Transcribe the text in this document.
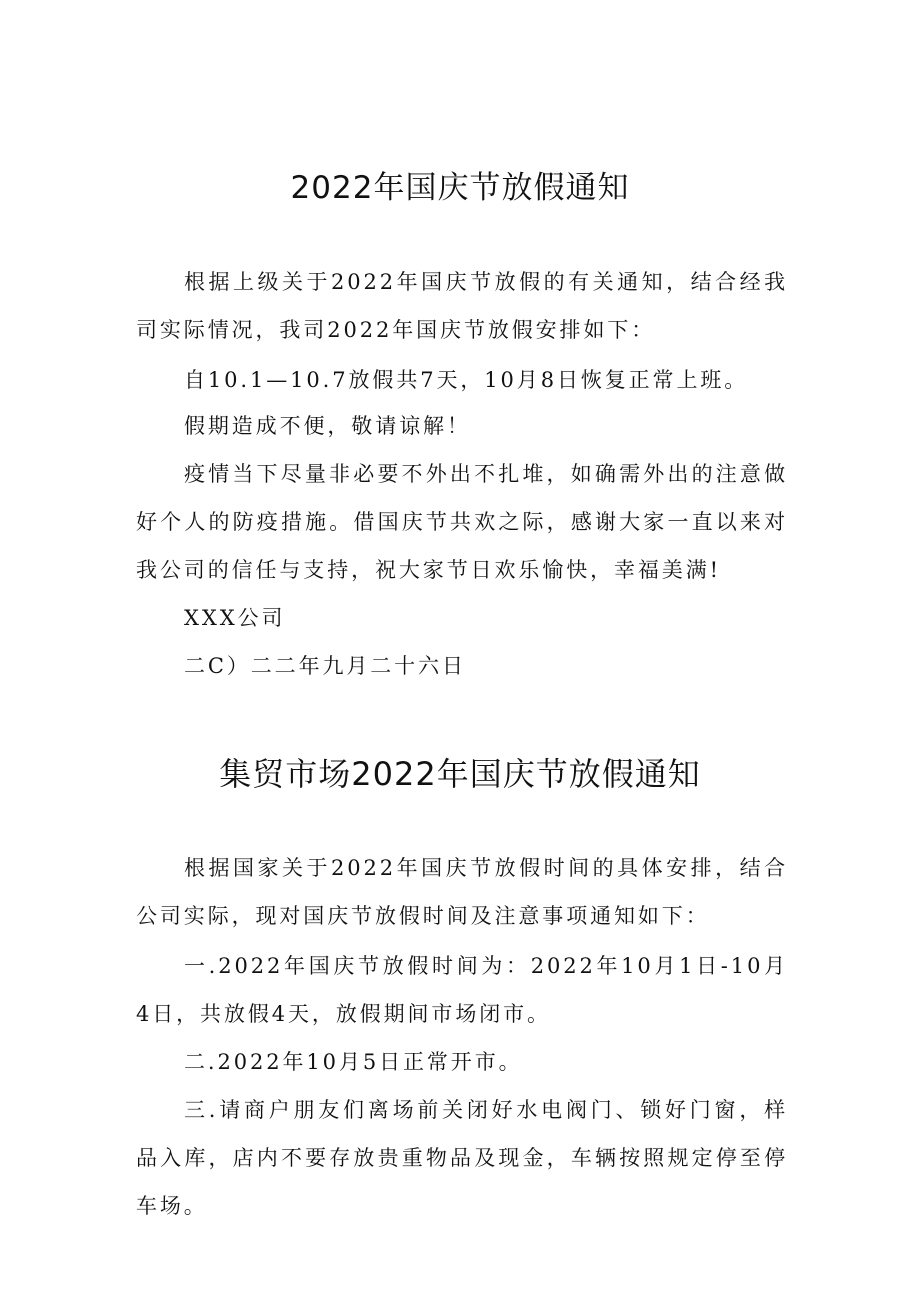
2022年国庆节放假通知

根据上级关于2022年国庆节放假的有关通知，结合经我司实际情况，我司2022年国庆节放假安排如下：

自10.1—10.7放假共7天，10月8日恢复正常上班。

假期造成不便，敬请谅解！

疫情当下尽量非必要不外出不扎堆，如确需外出的注意做好个人的防疫措施。借国庆节共欢之际，感谢大家一直以来对我公司的信任与支持，祝大家节日欢乐愉快，幸福美满!

XXX公司

二C）二二年九月二十六日

集贸市场2022年国庆节放假通知

根据国家关于2022年国庆节放假时间的具体安排，结合公司实际，现对国庆节放假时间及注意事项通知如下：

一.2022年国庆节放假时间为：2022年10月1日-10月4日，共放假4天，放假期间市场闭市。

二.2022年10月5日正常开市。

三.请商户朋友们离场前关闭好水电阀门、锁好门窗，样品入库，店内不要存放贵重物品及现金，车辆按照规定停至停车场。
